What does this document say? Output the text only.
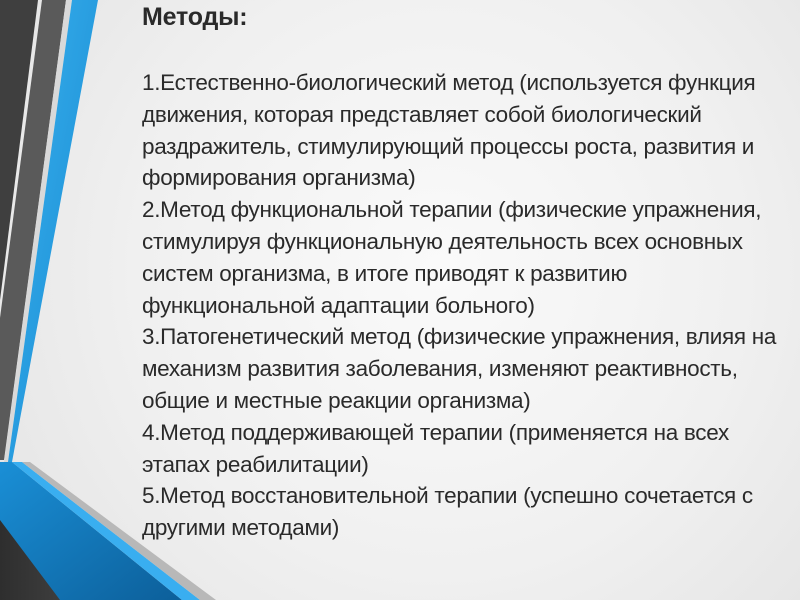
Методы:

1.Естественно-биологический метод (используется функция движения, которая представляет собой биологический раздражитель, стимулирующий процессы роста, развития и формирования организма)

2.Метод функциональной терапии (физические упражнения, стимулируя функциональную деятельность всех основных систем организма, в итоге приводят к развитию функциональной адаптации больного)

3.Патогенетический метод (физические упражнения, влияя на механизм развития заболевания, изменяют реактивность, общие и местные реакции организма)

4.Метод поддерживающей терапии (применяется на всех этапах реабилитации)

5.Метод восстановительной терапии (успешно сочетается с другими методами)
